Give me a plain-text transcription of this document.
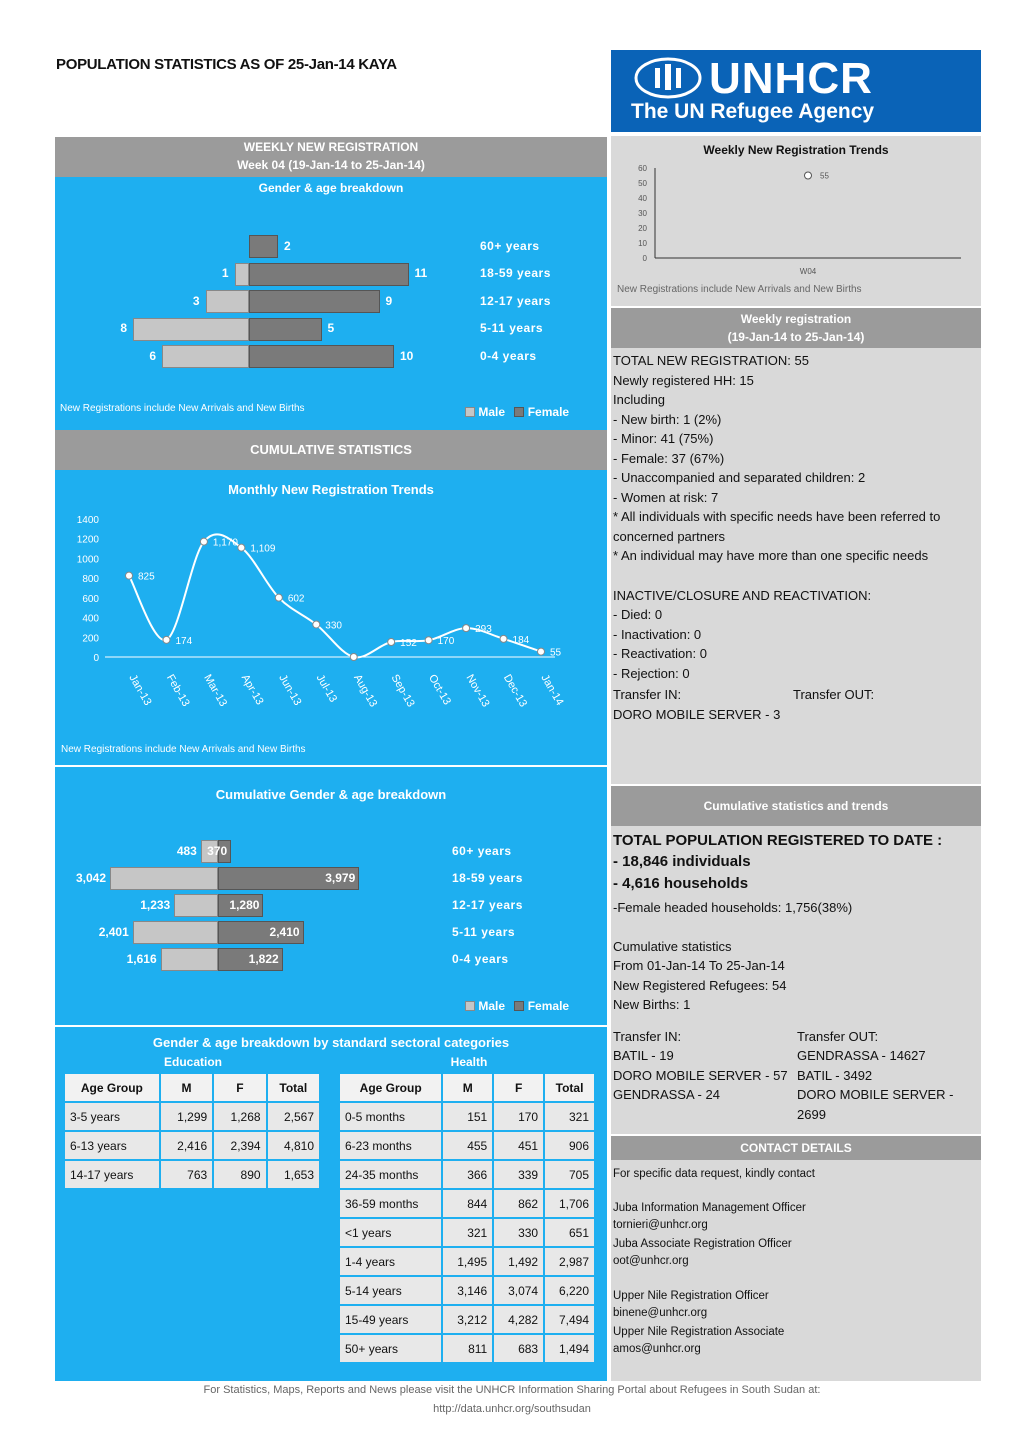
POPULATION STATISTICS AS OF 25-Jan-14 KAYA	UNHCR
The UN Refugee Agency
WEEKLY NEW REGISTRATION
Week 04 (19-Jan-14 to 25-Jan-14)
Gender & age breakdown
2	60+ years
1	11	18-59 years
3	9	12-17 years
8	5	5-11 years
6	10	0-4 years
New Registrations include New Arrivals and New Births	Male Female
CUMULATIVE STATISTICS
Monthly New Registration Trends
0
200
400
600
800
1000
1200
1400
825
Jan-13
174
Feb-13
1,170
Mar-13
1,109
Apr-13
602
Jun-13
330
Jul-13 Aug-13
152
Sep-13
170
Oct-13
293
Nov-13
184
Dec-13
55
Jan-14
New Registrations include New Arrivals and New Births
Cumulative Gender & age breakdown
483 370	60+ years
3,042	3,979	18-59 years
1,233	1,280	12-17 years
2,401	2,410	5-11 years
1,616	1,822	0-4 years
Male Female
Gender & age breakdown by standard sectoral categories
Education	Health
Age Group	M	F	Total
3-5 years	1,299	1,268	2,567
6-13 years	2,416	2,394	4,810
14-17 years	763	890	1,653
Age Group	M	F	Total
0-5 months	151	170	321
6-23 months	455	451	906
24-35 months	366	339	705
36-59 months	844	862	1,706
<1 years	321	330	651
1-4 years	1,495	1,492	2,987
5-14 years	3,146	3,074	6,220
15-49 years	3,212	4,282	7,494
50+ years	811	683	1,494
Weekly New Registration Trends
0
10
20
30
40
50
60
55
W04
New Registrations include New Arrivals and New Births
Weekly registration
(19-Jan-14 to 25-Jan-14)
TOTAL NEW REGISTRATION: 55
Newly registered HH: 15
Including
- New birth: 1 (2%)
- Minor: 41 (75%)
- Female: 37 (67%)
- Unaccompanied and separated children: 2
- Women at risk: 7
* All individuals with specific needs have been referred to concerned partners
* An individual may have more than one specific needs
INACTIVE/CLOSURE AND REACTIVATION:
- Died: 0
- Inactivation: 0
- Reactivation: 0
- Rejection: 0
Transfer IN:	Transfer OUT:
DORO MOBILE SERVER - 3
Cumulative statistics and trends
TOTAL POPULATION REGISTERED TO DATE :
- 18,846 individuals
- 4,616 households
-Female headed households: 1,756(38%)
Cumulative statistics
From 01-Jan-14 To 25-Jan-14
New Registered Refugees: 54
New Births: 1
Transfer IN:	Transfer OUT:
BATIL - 19
DORO MOBILE SERVER - 57
GENDRASSA - 24
GENDRASSA - 14627
BATIL - 3492
DORO MOBILE SERVER - 2699
CONTACT DETAILS
For specific data request, kindly contact
Juba Information Management Officer
tornieri@unhcr.org
Juba Associate Registration Officer
oot@unhcr.org
Upper Nile Registration Officer
binene@unhcr.org
Upper Nile Registration Associate
amos@unhcr.org
For Statistics, Maps, Reports and News please visit the UNHCR Information Sharing Portal about Refugees in South Sudan at:
http://data.unhcr.org/southsudan
